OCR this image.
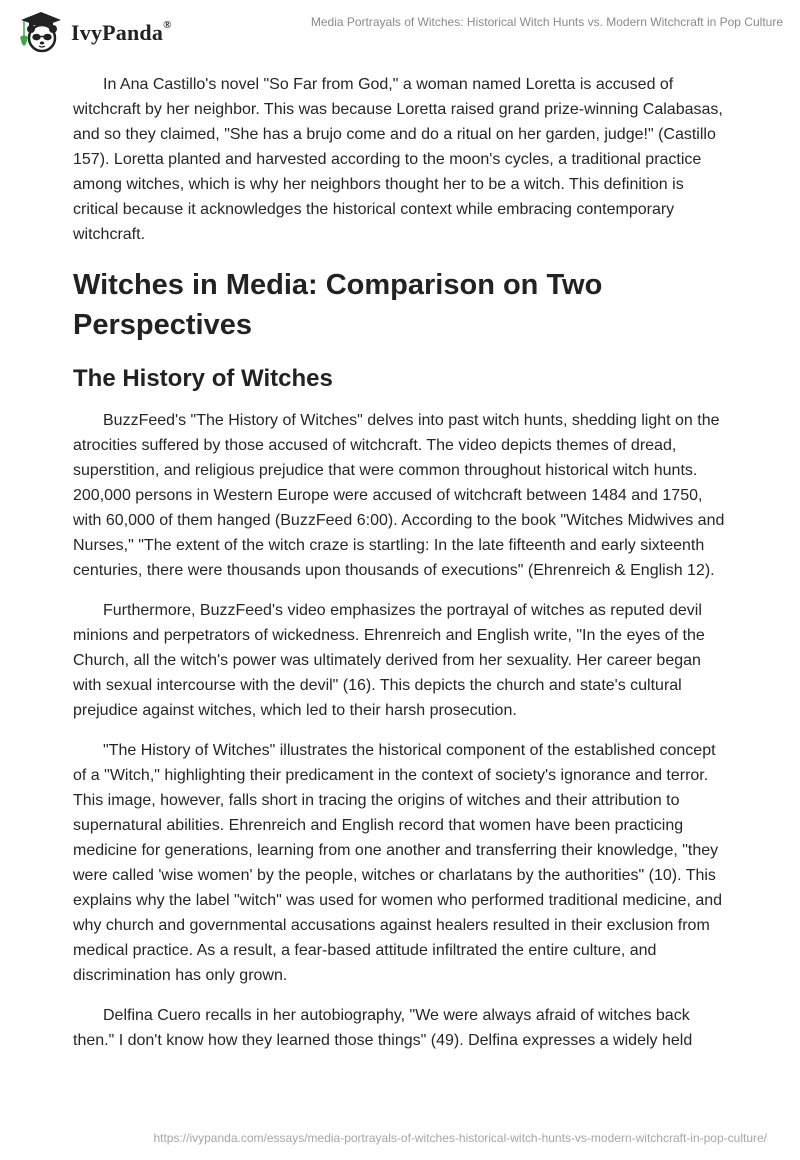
IvyPanda®	Media Portrayals of Witches: Historical Witch Hunts vs. Modern Witchcraft in Pop Culture

In Ana Castillo's novel "So Far from God," a woman named Loretta is accused of witchcraft by her neighbor. This was because Loretta raised grand prize-winning Calabasas, and so they claimed, "She has a brujo come and do a ritual on her garden, judge!" (Castillo 157). Loretta planted and harvested according to the moon's cycles, a traditional practice among witches, which is why her neighbors thought her to be a witch. This definition is critical because it acknowledges the historical context while embracing contemporary witchcraft.

Witches in Media: Comparison on Two Perspectives
The History of Witches

BuzzFeed's "The History of Witches" delves into past witch hunts, shedding light on the atrocities suffered by those accused of witchcraft. The video depicts themes of dread, superstition, and religious prejudice that were common throughout historical witch hunts. 200,000 persons in Western Europe were accused of witchcraft between 1484 and 1750, with 60,000 of them hanged (BuzzFeed 6:00). According to the book "Witches Midwives and Nurses," "The extent of the witch craze is startling: In the late fifteenth and early sixteenth centuries, there were thousands upon thousands of executions" (Ehrenreich & English 12).

Furthermore, BuzzFeed's video emphasizes the portrayal of witches as reputed devil minions and perpetrators of wickedness. Ehrenreich and English write, "In the eyes of the Church, all the witch's power was ultimately derived from her sexuality. Her career began with sexual intercourse with the devil" (16). This depicts the church and state's cultural prejudice against witches, which led to their harsh prosecution.

"The History of Witches" illustrates the historical component of the established concept of a "Witch," highlighting their predicament in the context of society's ignorance and terror. This image, however, falls short in tracing the origins of witches and their attribution to supernatural abilities. Ehrenreich and English record that women have been practicing medicine for generations, learning from one another and transferring their knowledge, "they were called 'wise women' by the people, witches or charlatans by the authorities" (10). This explains why the label "witch" was used for women who performed traditional medicine, and why church and governmental accusations against healers resulted in their exclusion from medical practice. As a result, a fear-based attitude infiltrated the entire culture, and discrimination has only grown.

Delfina Cuero recalls in her autobiography, "We were always afraid of witches back then." I don't know how they learned those things" (49). Delfina expresses a widely held

https://ivypanda.com/essays/media-portrayals-of-witches-historical-witch-hunts-vs-modern-witchcraft-in-pop-culture/
